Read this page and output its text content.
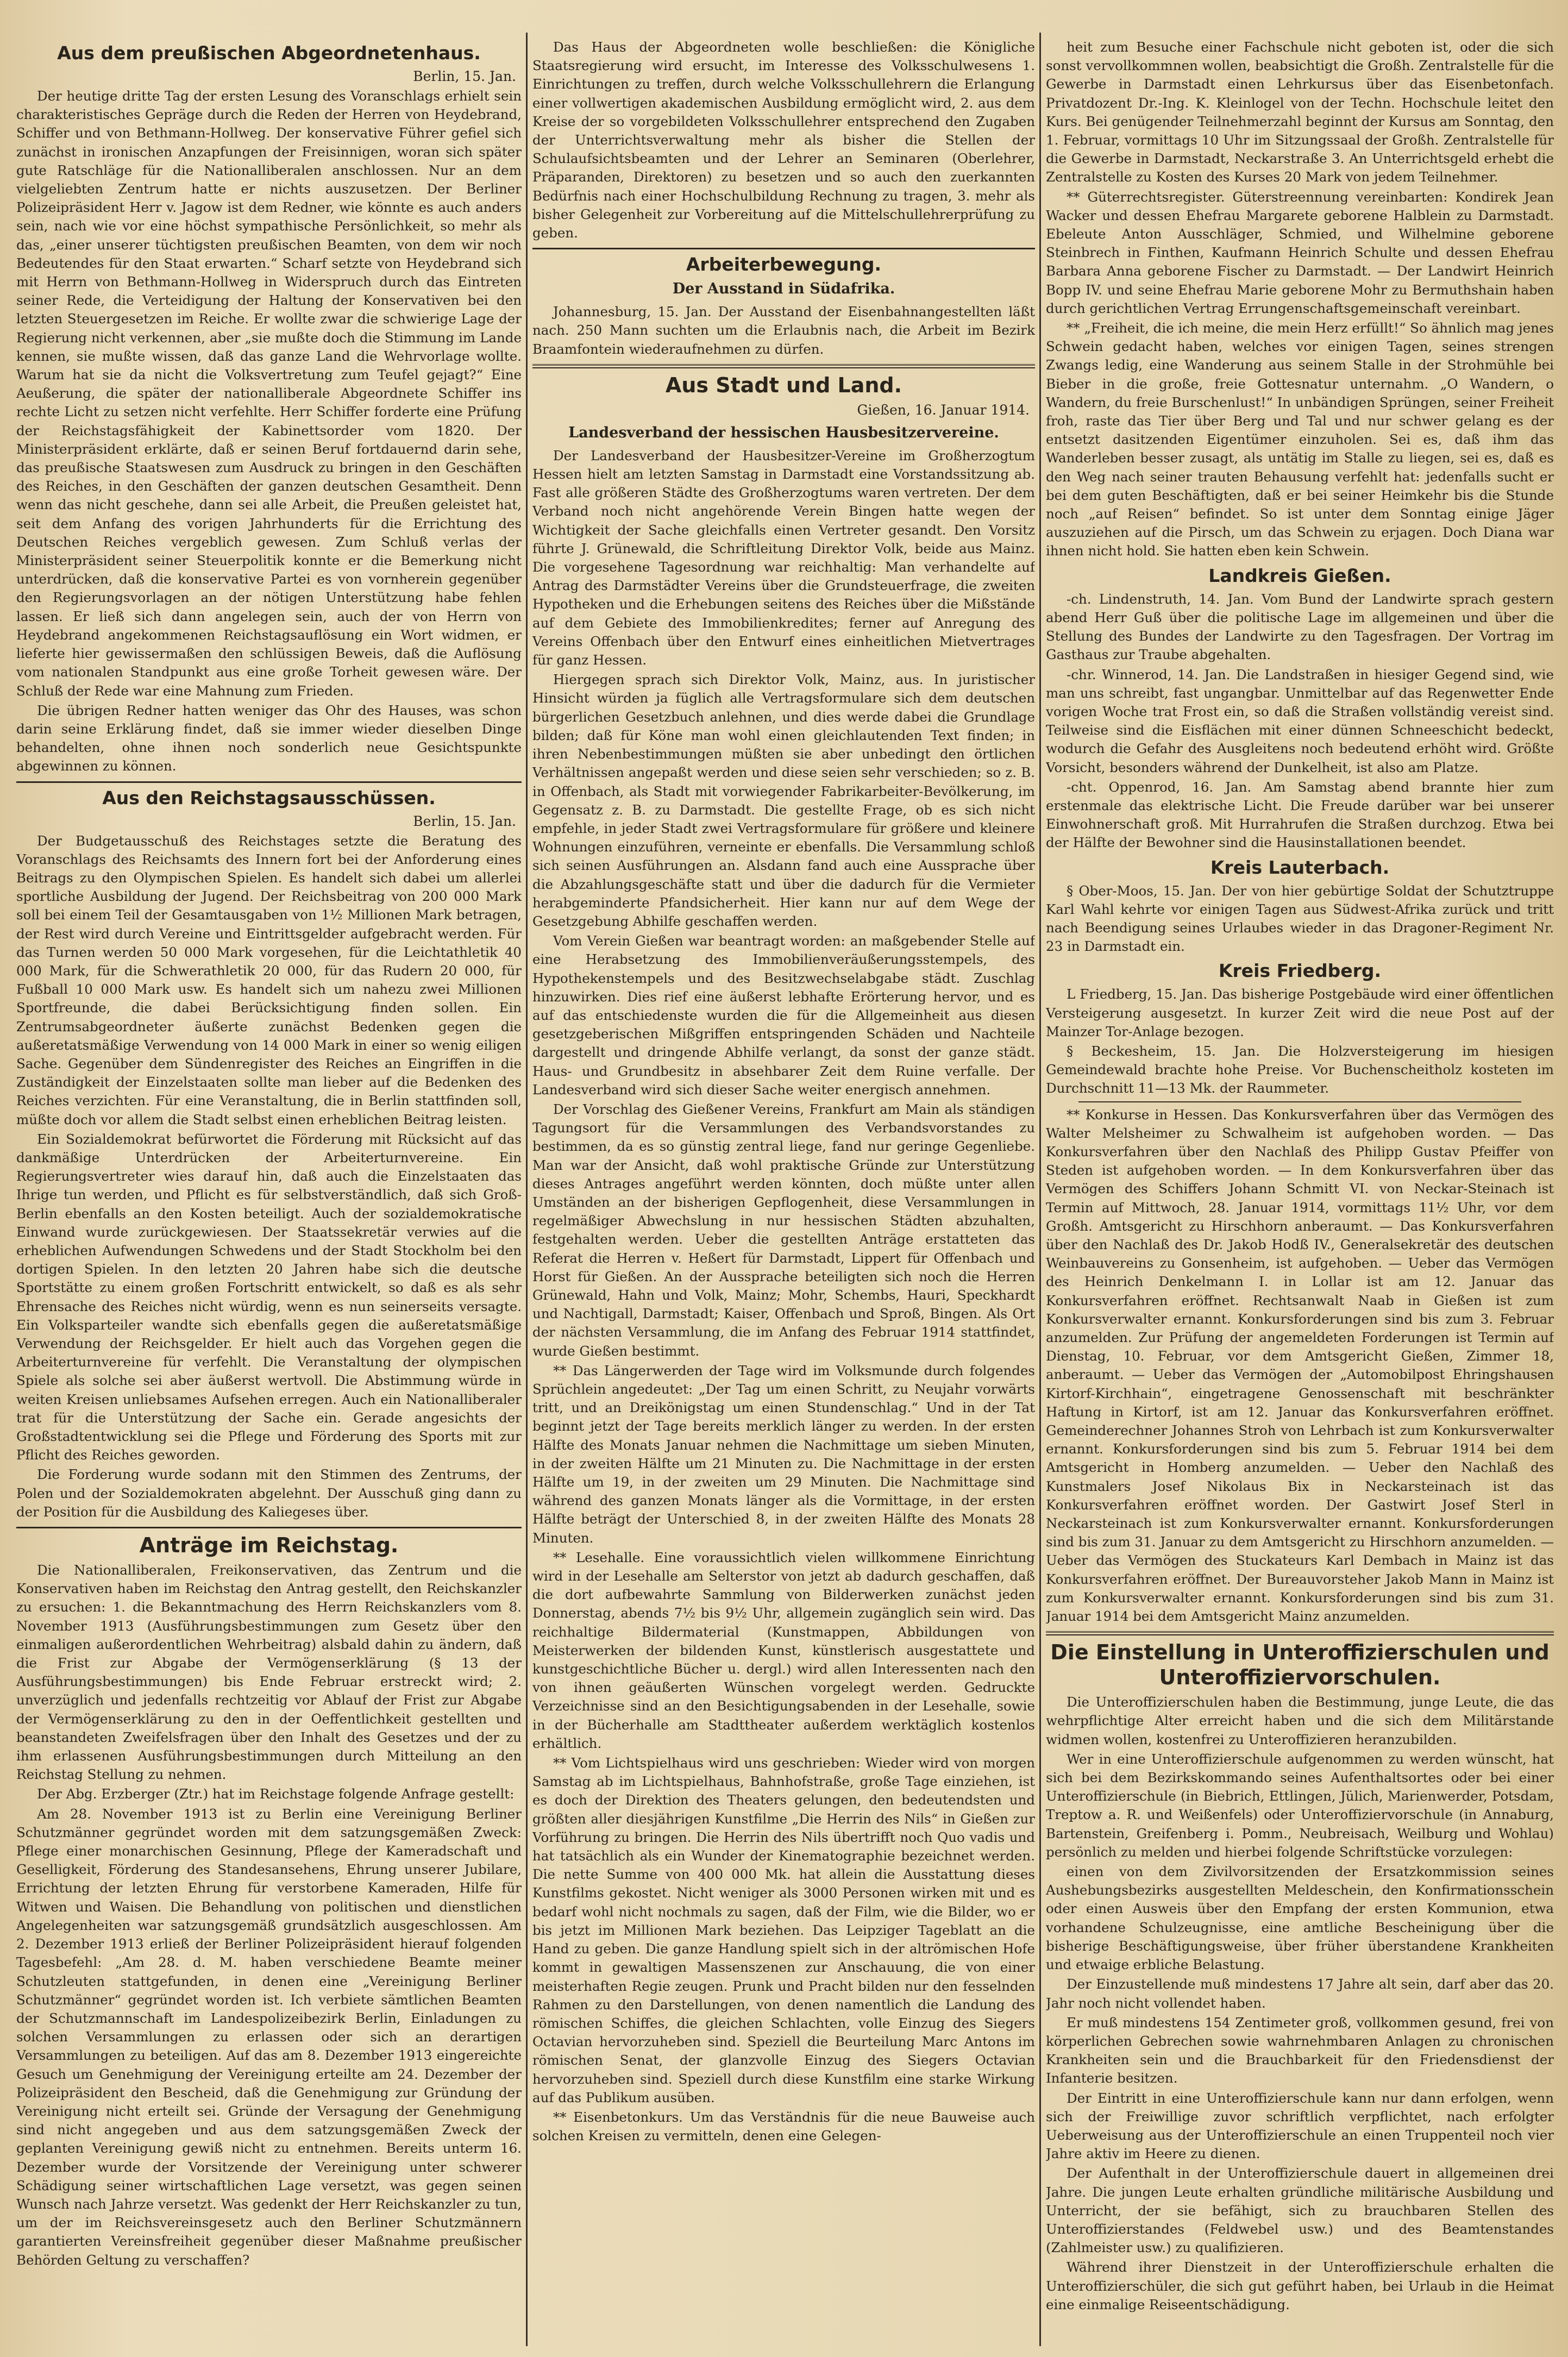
Aus dem preußischen Abgeordnetenhaus.
Berlin, 15. Jan.

Der heutige dritte Tag der ersten Lesung des Voranschlags erhielt sein charakteristisches Gepräge durch die Reden der Herren von Heydebrand, Schiffer und von Bethmann-Hollweg. Der konservative Führer gefiel sich zunächst in ironischen Anzapfungen der Freisinnigen, woran sich später gute Ratschläge für die Nationalliberalen anschlossen. Nur an dem vielgeliebten Zentrum hatte er nichts auszusetzen. Der Berliner Polizeipräsident Herr v. Jagow ist dem Redner, wie könnte es auch anders sein, nach wie vor eine höchst sympathische Persönlichkeit, so mehr als das, „einer unserer tüchtigsten preußischen Beamten, von dem wir noch Bedeutendes für den Staat erwarten.“ Scharf setzte von Heydebrand sich mit Herrn von Bethmann-Hollweg in Widerspruch durch das Eintreten seiner Rede, die Verteidigung der Haltung der Konservativen bei den letzten Steuergesetzen im Reiche. Er wollte zwar die schwierige Lage der Regierung nicht verkennen, aber „sie mußte doch die Stimmung im Lande kennen, sie mußte wissen, daß das ganze Land die Wehrvorlage wollte. Warum hat sie da nicht die Volksvertretung zum Teufel gejagt?“ Eine Aeußerung, die später der nationalliberale Abgeordnete Schiffer ins rechte Licht zu setzen nicht verfehlte. Herr Schiffer forderte eine Prüfung der Reichstagsfähigkeit der Kabinettsorder vom 1820. Der Ministerpräsident erklärte, daß er seinen Beruf fortdauernd darin sehe, das preußische Staatswesen zum Ausdruck zu bringen in den Geschäften des Reiches, in den Geschäften der ganzen deutschen Gesamtheit. Denn wenn das nicht geschehe, dann sei alle Arbeit, die Preußen geleistet hat, seit dem Anfang des vorigen Jahrhunderts für die Errichtung des Deutschen Reiches vergeblich gewesen. Zum Schluß verlas der Ministerpräsident seiner Steuerpolitik konnte er die Bemerkung nicht unterdrücken, daß die konservative Partei es von vornherein gegenüber den Regierungsvorlagen an der nötigen Unterstützung habe fehlen lassen. Er ließ sich dann angelegen sein, auch der von Herrn von Heydebrand angekommenen Reichstagsauflösung ein Wort widmen, er lieferte hier gewissermaßen den schlüssigen Beweis, daß die Auflösung vom nationalen Standpunkt aus eine große Torheit gewesen wäre. Der Schluß der Rede war eine Mahnung zum Frieden.

Die übrigen Redner hatten weniger das Ohr des Hauses, was schon darin seine Erklärung findet, daß sie immer wieder dieselben Dinge behandelten, ohne ihnen noch sonderlich neue Gesichtspunkte abgewinnen zu können.

Aus den Reichstagsausschüssen.
Berlin, 15. Jan.

Der Budgetausschuß des Reichstages setzte die Beratung des Voranschlags des Reichsamts des Innern fort bei der Anforderung eines Beitrags zu den Olympischen Spielen. Es handelt sich dabei um allerlei sportliche Ausbildung der Jugend. Der Reichsbeitrag von 200 000 Mark soll bei einem Teil der Gesamtausgaben von 1½ Millionen Mark betragen, der Rest wird durch Vereine und Eintrittsgelder aufgebracht werden. Für das Turnen werden 50 000 Mark vorgesehen, für die Leichtathletik 40 000 Mark, für die Schwerathletik 20 000, für das Rudern 20 000, für Fußball 10 000 Mark usw. Es handelt sich um nahezu zwei Millionen Sportfreunde, die dabei Berücksichtigung finden sollen. Ein Zentrumsabgeordneter äußerte zunächst Bedenken gegen die außeretatsmäßige Verwendung von 14 000 Mark in einer so wenig eiligen Sache. Gegenüber dem Sündenregister des Reiches an Eingriffen in die Zuständigkeit der Einzelstaaten sollte man lieber auf die Bedenken des Reiches verzichten. Für eine Veranstaltung, die in Berlin stattfinden soll, müßte doch vor allem die Stadt selbst einen erheblichen Beitrag leisten.

Ein Sozialdemokrat befürwortet die Förderung mit Rücksicht auf das dankmäßige Unterdrücken der Arbeiterturnvereine. Ein Regierungsvertreter wies darauf hin, daß auch die Einzelstaaten das Ihrige tun werden, und Pflicht es für selbstverständlich, daß sich Groß-Berlin ebenfalls an den Kosten beteiligt. Auch der sozialdemokratische Einwand wurde zurückgewiesen. Der Staatssekretär verwies auf die erheblichen Aufwendungen Schwedens und der Stadt Stockholm bei den dortigen Spielen. In den letzten 20 Jahren habe sich die deutsche Sportstätte zu einem großen Fortschritt entwickelt, so daß es als sehr Ehrensache des Reiches nicht würdig, wenn es nun seinerseits versagte. Ein Volksparteiler wandte sich ebenfalls gegen die außeretatsmäßige Verwendung der Reichsgelder. Er hielt auch das Vorgehen gegen die Arbeiterturnvereine für verfehlt. Die Veranstaltung der olympischen Spiele als solche sei aber äußerst wertvoll. Die Abstimmung würde in weiten Kreisen unliebsames Aufsehen erregen. Auch ein Nationalliberaler trat für die Unterstützung der Sache ein. Gerade angesichts der Großstadtentwicklung sei die Pflege und Förderung des Sports mit zur Pflicht des Reiches geworden.

Die Forderung wurde sodann mit den Stimmen des Zentrums, der Polen und der Sozialdemokraten abgelehnt. Der Ausschuß ging dann zu der Position für die Ausbildung des Kaliegeses über.

Anträge im Reichstag.

Die Nationalliberalen, Freikonservativen, das Zentrum und die Konservativen haben im Reichstag den Antrag gestellt, den Reichskanzler zu ersuchen: 1. die Bekanntmachung des Herrn Reichskanzlers vom 8. November 1913 (Ausführungsbestimmungen zum Gesetz über den einmaligen außerordentlichen Wehrbeitrag) alsbald dahin zu ändern, daß die Frist zur Abgabe der Vermögenserklärung (§ 13 der Ausführungsbestimmungen) bis Ende Februar erstreckt wird; 2. unverzüglich und jedenfalls rechtzeitig vor Ablauf der Frist zur Abgabe der Vermögenserklärung zu den in der Oeffentlichkeit gestellten und beanstandeten Zweifelsfragen über den Inhalt des Gesetzes und der zu ihm erlassenen Ausführungsbestimmungen durch Mitteilung an den Reichstag Stellung zu nehmen.

Der Abg. Erzberger (Ztr.) hat im Reichstage folgende Anfrage gestellt:

Am 28. November 1913 ist zu Berlin eine Vereinigung Berliner Schutzmänner gegründet worden mit dem satzungsgemäßen Zweck: Pflege einer monarchischen Gesinnung, Pflege der Kameradschaft und Geselligkeit, Förderung des Standesansehens, Ehrung unserer Jubilare, Errichtung der letzten Ehrung für verstorbene Kameraden, Hilfe für Witwen und Waisen. Die Behandlung von politischen und dienstlichen Angelegenheiten war satzungsgemäß grundsätzlich ausgeschlossen. Am 2. Dezember 1913 erließ der Berliner Polizeipräsident hierauf folgenden Tagesbefehl: „Am 28. d. M. haben verschiedene Beamte meiner Schutzleuten stattgefunden, in denen eine „Vereinigung Berliner Schutzmänner“ gegründet worden ist. Ich verbiete sämtlichen Beamten der Schutzmannschaft im Landespolizeibezirk Berlin, Einladungen zu solchen Versammlungen zu erlassen oder sich an derartigen Versammlungen zu beteiligen. Auf das am 8. Dezember 1913 eingereichte Gesuch um Genehmigung der Vereinigung erteilte am 24. Dezember der Polizeipräsident den Bescheid, daß die Genehmigung zur Gründung der Vereinigung nicht erteilt sei. Gründe der Versagung der Genehmigung sind nicht angegeben und aus dem satzungsgemäßen Zweck der geplanten Vereinigung gewiß nicht zu entnehmen. Bereits unterm 16. Dezember wurde der Vorsitzende der Vereinigung unter schwerer Schädigung seiner wirtschaftlichen Lage versetzt, was gegen seinen Wunsch nach Jahrze versetzt. Was gedenkt der Herr Reichskanzler zu tun, um der im Reichsvereinsgesetz auch den Berliner Schutzmännern garantierten Vereinsfreiheit gegenüber dieser Maßnahme preußischer Behörden Geltung zu verschaffen?

Das Haus der Abgeordneten wolle beschließen: die Königliche Staatsregierung wird ersucht, im Interesse des Volksschulwesens 1. Einrichtungen zu treffen, durch welche Volksschullehrern die Erlangung einer vollwertigen akademischen Ausbildung ermöglicht wird, 2. aus dem Kreise der so vorgebildeten Volksschullehrer entsprechend den Zugaben der Unterrichtsverwaltung mehr als bisher die Stellen der Schulaufsichtsbeamten und der Lehrer an Seminaren (Oberlehrer, Präparanden, Direktoren) zu besetzen und so auch den zuerkannten Bedürfnis nach einer Hochschulbildung Rechnung zu tragen, 3. mehr als bisher Gelegenheit zur Vorbereitung auf die Mittelschullehrerprüfung zu geben.

Arbeiterbewegung.
Der Ausstand in Südafrika.

Johannesburg, 15. Jan. Der Ausstand der Eisenbahnangestellten läßt nach. 250 Mann suchten um die Erlaubnis nach, die Arbeit im Bezirk Braamfontein wiederaufnehmen zu dürfen.

Aus Stadt und Land.
Gießen, 16. Januar 1914.
Landesverband der hessischen Hausbesitzervereine.

Der Landesverband der Hausbesitzer-Vereine im Großherzogtum Hessen hielt am letzten Samstag in Darmstadt eine Vorstandssitzung ab. Fast alle größeren Städte des Großherzogtums waren vertreten. Der dem Verband noch nicht angehörende Verein Bingen hatte wegen der Wichtigkeit der Sache gleichfalls einen Vertreter gesandt. Den Vorsitz führte J. Grünewald, die Schriftleitung Direktor Volk, beide aus Mainz. Die vorgesehene Tagesordnung war reichhaltig: Man verhandelte auf Antrag des Darmstädter Vereins über die Grundsteuerfrage, die zweiten Hypotheken und die Erhebungen seitens des Reiches über die Mißstände auf dem Gebiete des Immobilienkredites; ferner auf Anregung des Vereins Offenbach über den Entwurf eines einheitlichen Mietvertrages für ganz Hessen.

Hiergegen sprach sich Direktor Volk, Mainz, aus. In juristischer Hinsicht würden ja füglich alle Vertragsformulare sich dem deutschen bürgerlichen Gesetzbuch anlehnen, und dies werde dabei die Grundlage bilden; daß für Köne man wohl einen gleichlautenden Text finden; in ihren Nebenbestimmungen müßten sie aber unbedingt den örtlichen Verhältnissen angepaßt werden und diese seien sehr verschieden; so z. B. in Offenbach, als Stadt mit vorwiegender Fabrikarbeiter-Bevölkerung, im Gegensatz z. B. zu Darmstadt. Die gestellte Frage, ob es sich nicht empfehle, in jeder Stadt zwei Vertragsformulare für größere und kleinere Wohnungen einzuführen, verneinte er ebenfalls. Die Versammlung schloß sich seinen Ausführungen an. Alsdann fand auch eine Aussprache über die Abzahlungsgeschäfte statt und über die dadurch für die Vermieter herabgeminderte Pfandsicherheit. Hier kann nur auf dem Wege der Gesetzgebung Abhilfe geschaffen werden.

Vom Verein Gießen war beantragt worden: an maßgebender Stelle auf eine Herabsetzung des Immobilienveräußerungsstempels, des Hypothekenstempels und des Besitzwechselabgabe städt. Zuschlag hinzuwirken. Dies rief eine äußerst lebhafte Erörterung hervor, und es auf das entschiedenste wurden die für die Allgemeinheit aus diesen gesetzgeberischen Mißgriffen entspringenden Schäden und Nachteile dargestellt und dringende Abhilfe verlangt, da sonst der ganze städt. Haus- und Grundbesitz in absehbarer Zeit dem Ruine verfalle. Der Landesverband wird sich dieser Sache weiter energisch annehmen.

Der Vorschlag des Gießener Vereins, Frankfurt am Main als ständigen Tagungsort für die Versammlungen des Verbandsvorstandes zu bestimmen, da es so günstig zentral liege, fand nur geringe Gegenliebe. Man war der Ansicht, daß wohl praktische Gründe zur Unterstützung dieses Antrages angeführt werden könnten, doch müßte unter allen Umständen an der bisherigen Gepflogenheit, diese Versammlungen in regelmäßiger Abwechslung in nur hessischen Städten abzuhalten, festgehalten werden. Ueber die gestellten Anträge erstatteten das Referat die Herren v. Heßert für Darmstadt, Lippert für Offenbach und Horst für Gießen. An der Aussprache beteiligten sich noch die Herren Grünewald, Hahn und Volk, Mainz; Mohr, Schembs, Hauri, Speckhardt und Nachtigall, Darmstadt; Kaiser, Offenbach und Sproß, Bingen. Als Ort der nächsten Versammlung, die im Anfang des Februar 1914 stattfindet, wurde Gießen bestimmt.

** Das Längerwerden der Tage wird im Volksmunde durch folgendes Sprüchlein angedeutet: „Der Tag um einen Schritt, zu Neujahr vorwärts tritt, und an Dreikönigstag um einen Stundenschlag.“ Und in der Tat beginnt jetzt der Tage bereits merklich länger zu werden. In der ersten Hälfte des Monats Januar nehmen die Nachmittage um sieben Minuten, in der zweiten Hälfte um 21 Minuten zu. Die Nachmittage in der ersten Hälfte um 19, in der zweiten um 29 Minuten. Die Nachmittage sind während des ganzen Monats länger als die Vormittage, in der ersten Hälfte beträgt der Unterschied 8, in der zweiten Hälfte des Monats 28 Minuten.

** Lesehalle. Eine voraussichtlich vielen willkommene Einrichtung wird in der Lesehalle am Selterstor von jetzt ab dadurch geschaffen, daß die dort aufbewahrte Sammlung von Bilderwerken zunächst jeden Donnerstag, abends 7½ bis 9½ Uhr, allgemein zugänglich sein wird. Das reichhaltige Bildermaterial (Kunstmappen, Abbildungen von Meisterwerken der bildenden Kunst, künstlerisch ausgestattete und kunstgeschichtliche Bücher u. dergl.) wird allen Interessenten nach den von ihnen geäußerten Wünschen vorgelegt werden. Gedruckte Verzeichnisse sind an den Besichtigungsabenden in der Lesehalle, sowie in der Bücherhalle am Stadttheater außerdem werktäglich kostenlos erhältlich.

** Vom Lichtspielhaus wird uns geschrieben: Wieder wird von morgen Samstag ab im Lichtspielhaus, Bahnhofstraße, große Tage einziehen, ist es doch der Direktion des Theaters gelungen, den bedeutendsten und größten aller diesjährigen Kunstfilme „Die Herrin des Nils“ in Gießen zur Vorführung zu bringen. Die Herrin des Nils übertrifft noch Quo vadis und hat tatsächlich als ein Wunder der Kinematographie bezeichnet werden. Die nette Summe von 400 000 Mk. hat allein die Ausstattung dieses Kunstfilms gekostet. Nicht weniger als 3000 Personen wirken mit und es bedarf wohl nicht nochmals zu sagen, daß der Film, wie die Bilder, wo er bis jetzt im Millionen Mark beziehen. Das Leipziger Tageblatt an die Hand zu geben. Die ganze Handlung spielt sich in der altrömischen Hofe kommt in gewaltigen Massenszenen zur Anschauung, die von einer meisterhaften Regie zeugen. Prunk und Pracht bilden nur den fesselnden Rahmen zu den Darstellungen, von denen namentlich die Landung des römischen Schiffes, die gleichen Schlachten, volle Einzug des Siegers Octavian hervorzuheben sind. Speziell die Beurteilung Marc Antons im römischen Senat, der glanzvolle Einzug des Siegers Octavian hervorzuheben sind. Speziell durch diese Kunstfilm eine starke Wirkung auf das Publikum ausüben.

** Eisenbetonkurs. Um das Verständnis für die neue Bauweise auch solchen Kreisen zu vermitteln, denen eine Gelegen-

heit zum Besuche einer Fachschule nicht geboten ist, oder die sich sonst vervollkommnen wollen, beabsichtigt die Großh. Zentralstelle für die Gewerbe in Darmstadt einen Lehrkursus über das Eisenbetonfach. Privatdozent Dr.-Ing. K. Kleinlogel von der Techn. Hochschule leitet den Kurs. Bei genügender Teilnehmerzahl beginnt der Kursus am Sonntag, den 1. Februar, vormittags 10 Uhr im Sitzungssaal der Großh. Zentralstelle für die Gewerbe in Darmstadt, Neckarstraße 3. An Unterrichtsgeld erhebt die Zentralstelle zu Kosten des Kurses 20 Mark von jedem Teilnehmer.

** Güterrechtsregister. Güterstreennung vereinbarten: Kondirek Jean Wacker und dessen Ehefrau Margarete geborene Halblein zu Darmstadt. Ebeleute Anton Ausschläger, Schmied, und Wilhelmine geborene Steinbrech in Finthen, Kaufmann Heinrich Schulte und dessen Ehefrau Barbara Anna geborene Fischer zu Darmstadt. — Der Landwirt Heinrich Bopp IV. und seine Ehefrau Marie geborene Mohr zu Bermuthshain haben durch gerichtlichen Vertrag Errungenschaftsgemeinschaft vereinbart.

** „Freiheit, die ich meine, die mein Herz erfüllt!“ So ähnlich mag jenes Schwein gedacht haben, welches vor einigen Tagen, seines strengen Zwangs ledig, eine Wanderung aus seinem Stalle in der Strohmühle bei Bieber in die große, freie Gottesnatur unternahm. „O Wandern, o Wandern, du freie Burschenlust!“ In unbändigen Sprüngen, seiner Freiheit froh, raste das Tier über Berg und Tal und nur schwer gelang es der entsetzt dasitzenden Eigentümer einzuholen. Sei es, daß ihm das Wanderleben besser zusagt, als untätig im Stalle zu liegen, sei es, daß es den Weg nach seiner trauten Behausung verfehlt hat: jedenfalls sucht er bei dem guten Beschäftigten, daß er bei seiner Heimkehr bis die Stunde noch „auf Reisen“ befindet. So ist unter dem Sonntag einige Jäger auszuziehen auf die Pirsch, um das Schwein zu erjagen. Doch Diana war ihnen nicht hold. Sie hatten eben kein Schwein.

Landkreis Gießen.

-ch. Lindenstruth, 14. Jan. Vom Bund der Landwirte sprach gestern abend Herr Guß über die politische Lage im allgemeinen und über die Stellung des Bundes der Landwirte zu den Tagesfragen. Der Vortrag im Gasthaus zur Traube abgehalten.

-chr. Winnerod, 14. Jan. Die Landstraßen in hiesiger Gegend sind, wie man uns schreibt, fast ungangbar. Unmittelbar auf das Regenwetter Ende vorigen Woche trat Frost ein, so daß die Straßen vollständig vereist sind. Teilweise sind die Eisflächen mit einer dünnen Schneeschicht bedeckt, wodurch die Gefahr des Ausgleitens noch bedeutend erhöht wird. Größte Vorsicht, besonders während der Dunkelheit, ist also am Platze.

-cht. Oppenrod, 16. Jan. Am Samstag abend brannte hier zum erstenmale das elektrische Licht. Die Freude darüber war bei unserer Einwohnerschaft groß. Mit Hurrahrufen die Straßen durchzog. Etwa bei der Hälfte der Bewohner sind die Hausinstallationen beendet.

Kreis Lauterbach.

§ Ober-Moos, 15. Jan. Der von hier gebürtige Soldat der Schutztruppe Karl Wahl kehrte vor einigen Tagen aus Südwest-Afrika zurück und tritt nach Beendigung seines Urlaubes wieder in das Dragoner-Regiment Nr. 23 in Darmstadt ein.

Kreis Friedberg.

L Friedberg, 15. Jan. Das bisherige Postgebäude wird einer öffentlichen Versteigerung ausgesetzt. In kurzer Zeit wird die neue Post auf der Mainzer Tor-Anlage bezogen.

§ Beckesheim, 15. Jan. Die Holzversteigerung im hiesigen Gemeindewald brachte hohe Preise. Vor Buchenscheitholz kosteten im Durchschnitt 11—13 Mk. der Raummeter.

** Konkurse in Hessen. Das Konkursverfahren über das Vermögen des Walter Melsheimer zu Schwalheim ist aufgehoben worden. — Das Konkursverfahren über den Nachlaß des Philipp Gustav Pfeiffer von Steden ist aufgehoben worden. — In dem Konkursverfahren über das Vermögen des Schiffers Johann Schmitt VI. von Neckar-Steinach ist Termin auf Mittwoch, 28. Januar 1914, vormittags 11½ Uhr, vor dem Großh. Amtsgericht zu Hirschhorn anberaumt. — Das Konkursverfahren über den Nachlaß des Dr. Jakob Hodß IV., Generalsekretär des deutschen Weinbauvereins zu Gonsenheim, ist aufgehoben. — Ueber das Vermögen des Heinrich Denkelmann I. in Lollar ist am 12. Januar das Konkursverfahren eröffnet. Rechtsanwalt Naab in Gießen ist zum Konkursverwalter ernannt. Konkursforderungen sind bis zum 3. Februar anzumelden. Zur Prüfung der angemeldeten Forderungen ist Termin auf Dienstag, 10. Februar, vor dem Amtsgericht Gießen, Zimmer 18, anberaumt. — Ueber das Vermögen der „Automobilpost Ehringshausen Kirtorf-Kirchhain“, eingetragene Genossenschaft mit beschränkter Haftung in Kirtorf, ist am 12. Januar das Konkursverfahren eröffnet. Gemeinderechner Johannes Stroh von Lehrbach ist zum Konkursverwalter ernannt. Konkursforderungen sind bis zum 5. Februar 1914 bei dem Amtsgericht in Homberg anzumelden. — Ueber den Nachlaß des Kunstmalers Josef Nikolaus Bix in Neckarsteinach ist das Konkursverfahren eröffnet worden. Der Gastwirt Josef Sterl in Neckarsteinach ist zum Konkursverwalter ernannt. Konkursforderungen sind bis zum 31. Januar zu dem Amtsgericht zu Hirschhorn anzumelden. — Ueber das Vermögen des Stuckateurs Karl Dembach in Mainz ist das Konkursverfahren eröffnet. Der Bureauvorsteher Jakob Mann in Mainz ist zum Konkursverwalter ernannt. Konkursforderungen sind bis zum 31. Januar 1914 bei dem Amtsgericht Mainz anzumelden.

Die Einstellung in Unteroffizierschulen und Unteroffiziervorschulen.

Die Unteroffizierschulen haben die Bestimmung, junge Leute, die das wehrpflichtige Alter erreicht haben und die sich dem Militärstande widmen wollen, kostenfrei zu Unteroffizieren heranzubilden.

Wer in eine Unteroffizierschule aufgenommen zu werden wünscht, hat sich bei dem Bezirkskommando seines Aufenthaltsortes oder bei einer Unteroffizierschule (in Biebrich, Ettlingen, Jülich, Marienwerder, Potsdam, Treptow a. R. und Weißenfels) oder Unteroffiziervorschule (in Annaburg, Bartenstein, Greifenberg i. Pomm., Neubreisach, Weilburg und Wohlau) persönlich zu melden und hierbei folgende Schriftstücke vorzulegen:

einen von dem Zivilvorsitzenden der Ersatzkommission seines Aushebungsbezirks ausgestellten Meldeschein, den Konfirmationsschein oder einen Ausweis über den Empfang der ersten Kommunion, etwa vorhandene Schulzeugnisse, eine amtliche Bescheinigung über die bisherige Beschäftigungsweise, über früher überstandene Krankheiten und etwaige erbliche Belastung.

Der Einzustellende muß mindestens 17 Jahre alt sein, darf aber das 20. Jahr noch nicht vollendet haben.

Er muß mindestens 154 Zentimeter groß, vollkommen gesund, frei von körperlichen Gebrechen sowie wahrnehmbaren Anlagen zu chronischen Krankheiten sein und die Brauchbarkeit für den Friedensdienst der Infanterie besitzen.

Der Eintritt in eine Unteroffizierschule kann nur dann erfolgen, wenn sich der Freiwillige zuvor schriftlich verpflichtet, nach erfolgter Ueberweisung aus der Unteroffizierschule an einen Truppenteil noch vier Jahre aktiv im Heere zu dienen.

Der Aufenthalt in der Unteroffizierschule dauert in allgemeinen drei Jahre. Die jungen Leute erhalten gründliche militärische Ausbildung und Unterricht, der sie befähigt, sich zu brauchbaren Stellen des Unteroffizierstandes (Feldwebel usw.) und des Beamtenstandes (Zahlmeister usw.) zu qualifizieren.

Während ihrer Dienstzeit in der Unteroffizierschule erhalten die Unteroffizierschüler, die sich gut geführt haben, bei Urlaub in die Heimat eine einmalige Reiseentschädigung.
